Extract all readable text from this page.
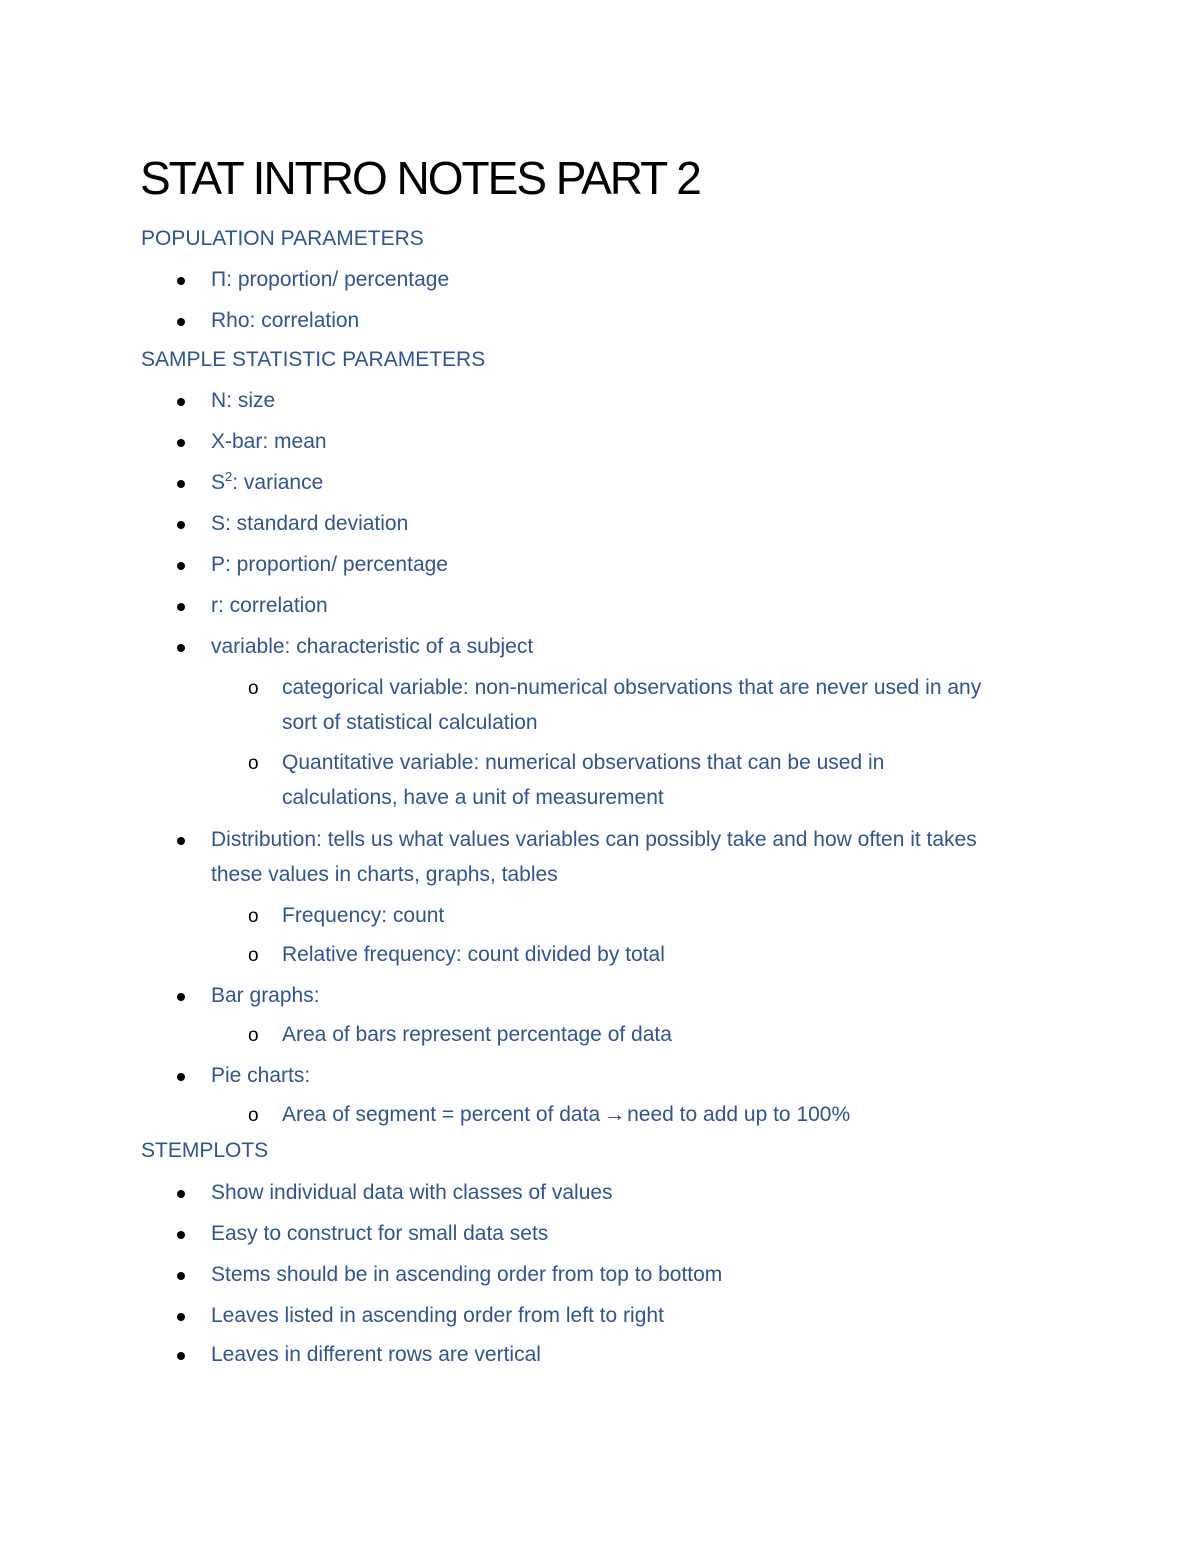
STAT INTRO NOTES PART 2
POPULATION PARAMETERS
Π: proportion/ percentage
Rho: correlation
SAMPLE STATISTIC PARAMETERS
N: size
X-bar: mean
$S^2$: variance
S: standard deviation
P: proportion/ percentage
r: correlation
variable: characteristic of a subject
o categorical variable: non-numerical observations that are never used in any
sort of statistical calculation
o Quantitative variable: numerical observations that can be used in
calculations, have a unit of measurement
Distribution: tells us what values variables can possibly take and how often it takes
these values in charts, graphs, tables
o Frequency: count
o Relative frequency: count divided by total
Bar graphs:
o Area of bars represent percentage of data
Pie charts:
o Area of segment = percent of data →need to add up to 100%
STEMPLOTS
Show individual data with classes of values
Easy to construct for small data sets
Stems should be in ascending order from top to bottom
Leaves listed in ascending order from left to right
Leaves in different rows are vertical
